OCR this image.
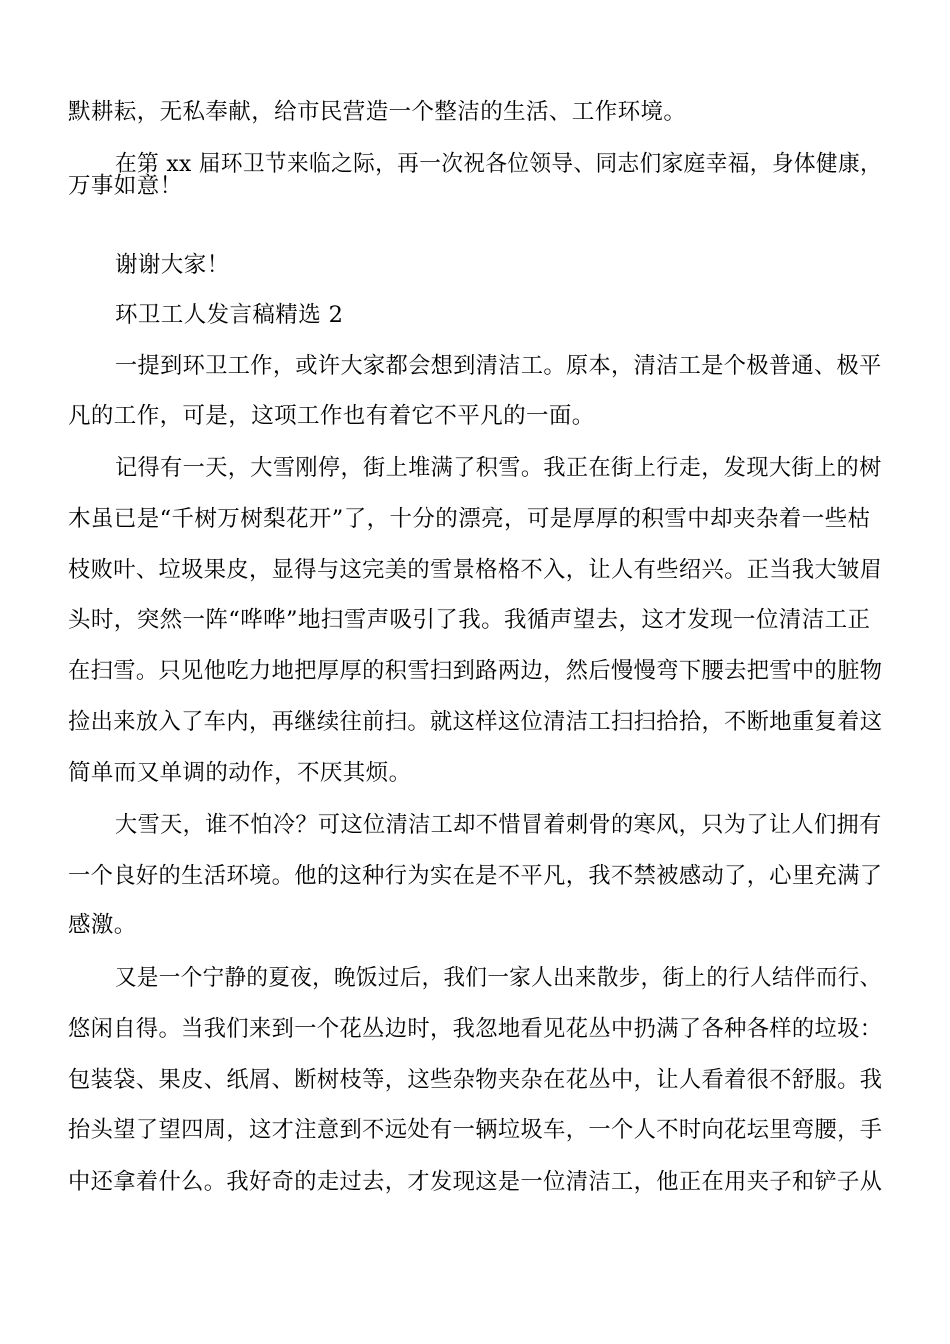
默耕耘，无私奉献，给市民营造一个整洁的生活、工作环境。
在第 xx 届环卫节来临之际，再一次祝各位领导、同志们家庭幸福，身体健康，
万事如意！
谢谢大家！
环卫工人发言稿精选 2
一提到环卫工作，或许大家都会想到清洁工。原本，清洁工是个极普通、极平
凡的工作，可是，这项工作也有着它不平凡的一面。
记得有一天，大雪刚停，街上堆满了积雪。我正在街上行走，发现大街上的树
木虽已是“千树万树梨花开”了，十分的漂亮，可是厚厚的积雪中却夹杂着一些枯
枝败叶、垃圾果皮，显得与这完美的雪景格格不入，让人有些绍兴。正当我大皱眉
头时，突然一阵“哗哗”地扫雪声吸引了我。我循声望去，这才发现一位清洁工正
在扫雪。只见他吃力地把厚厚的积雪扫到路两边，然后慢慢弯下腰去把雪中的脏物
捡出来放入了车内，再继续往前扫。就这样这位清洁工扫扫拾拾，不断地重复着这
简单而又单调的动作，不厌其烦。
大雪天，谁不怕冷？可这位清洁工却不惜冒着刺骨的寒风，只为了让人们拥有
一个良好的生活环境。他的这种行为实在是不平凡，我不禁被感动了，心里充满了
感激。
又是一个宁静的夏夜，晚饭过后，我们一家人出来散步，街上的行人结伴而行、
悠闲自得。当我们来到一个花丛边时，我忽地看见花丛中扔满了各种各样的垃圾：
包装袋、果皮、纸屑、断树枝等，这些杂物夹杂在花丛中，让人看着很不舒服。我
抬头望了望四周，这才注意到不远处有一辆垃圾车，一个人不时向花坛里弯腰，手
中还拿着什么。我好奇的走过去，才发现这是一位清洁工，他正在用夹子和铲子从
